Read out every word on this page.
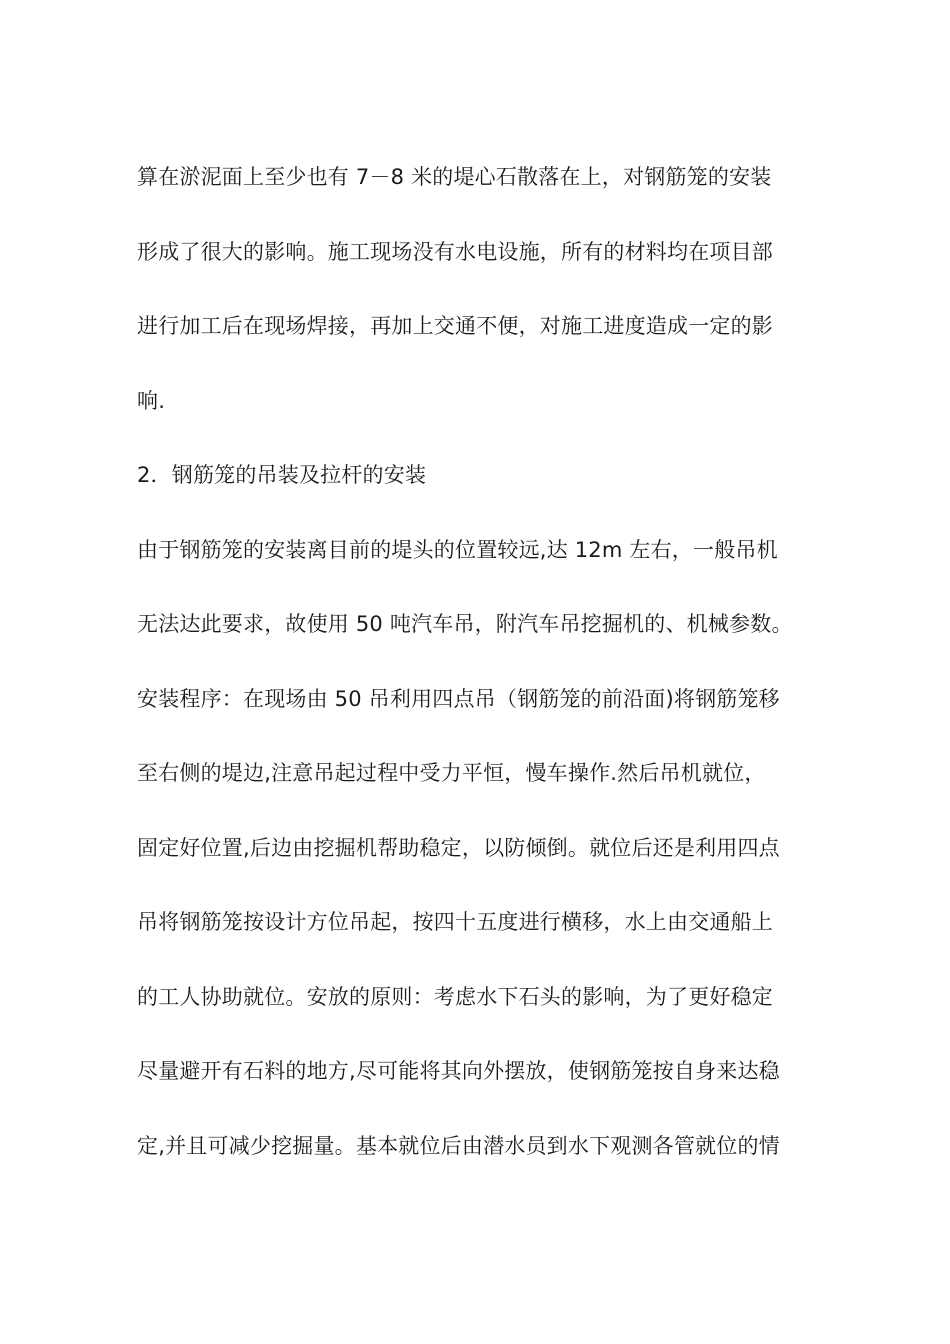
算在淤泥面上至少也有 7－8 米的堤心石散落在上，对钢筋笼的安装
形成了很大的影响。施工现场没有水电设施，所有的材料均在项目部
进行加工后在现场焊接，再加上交通不便，对施工进度造成一定的影
响.
2．钢筋笼的吊装及拉杆的安装
由于钢筋笼的安装离目前的堤头的位置较远,达 12m 左右，一般吊机
无法达此要求，故使用 50 吨汽车吊，附汽车吊挖掘机的、机械参数。
安装程序：在现场由 50 吊利用四点吊（钢筋笼的前沿面)将钢筋笼移
至右侧的堤边,注意吊起过程中受力平恒，慢车操作.然后吊机就位，
固定好位置,后边由挖掘机帮助稳定，以防倾倒。就位后还是利用四点
吊将钢筋笼按设计方位吊起，按四十五度进行横移，水上由交通船上
的工人协助就位。安放的原则：考虑水下石头的影响，为了更好稳定
尽量避开有石料的地方,尽可能将其向外摆放，使钢筋笼按自身来达稳
定,并且可减少挖掘量。基本就位后由潜水员到水下观测各管就位的情
